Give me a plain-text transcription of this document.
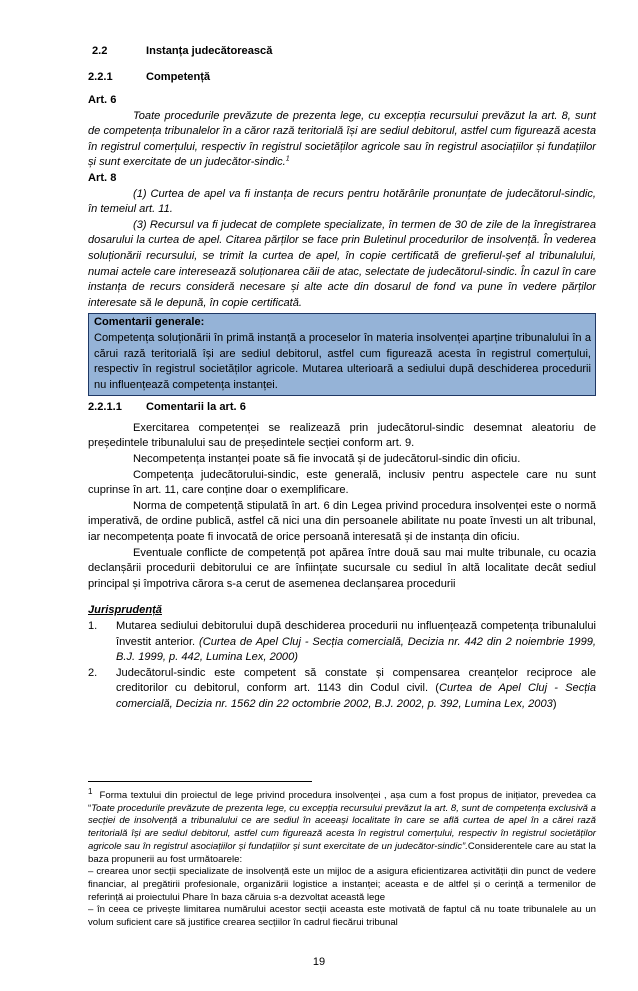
2.2	Instanța judecătorească
2.2.1	Competență
Art. 6

Toate procedurile prevăzute de prezenta lege, cu excepția recursului prevăzut la art. 8, sunt de competența tribunalelor în a căror rază teritorială își are sediul debitorul, astfel cum figurează acesta în registrul comerțului, respectiv în registrul societăților agricole sau în registrul asociațiilor și fundațiilor și sunt exercitate de un judecător-sindic.$^1$

Art. 8

(1) Curtea de apel va fi instanța de recurs pentru hotărârile pronunțate de judecătorul-sindic, în temeiul art. 11.

(3) Recursul va fi judecat de complete specializate, în termen de 30 de zile de la înregistrarea dosarului la curtea de apel. Citarea părților se face prin Buletinul procedurilor de insolvență. În vederea soluționării recursului, se trimit la curtea de apel, în copie certificată de grefierul-șef al tribunalului, numai actele care interesează soluționarea căii de atac, selectate de judecătorul-sindic. În cazul în care instanța de recurs consideră necesare și alte acte din dosarul de fond va pune în vedere părților interesate să le depună, în copie certificată.

Comentarii generale:

Competența soluționării în primă instanță a proceselor în materia insolvenței aparține tribunalului în a cărui rază teritorială își are sediul debitorul, astfel cum figurează acesta în registrul comerțului, respectiv în registrul societăților agricole. Mutarea ulterioară a sediului după deschiderea procedurii nu influențează competența instanței.

2.2.1.1	Comentarii la art. 6

Exercitarea competenței se realizează prin judecătorul-sindic desemnat aleatoriu de președintele tribunalului sau de președintele secției conform art. 9.

Necompetența instanței poate să fie invocată și de judecătorul-sindic din oficiu.

Competența judecătorului-sindic, este generală, inclusiv pentru aspectele care nu sunt cuprinse în art. 11, care conține doar o exemplificare.

Norma de competență stipulată în art. 6 din Legea privind procedura insolvenței este o normă imperativă, de ordine publică, astfel că nici una din persoanele abilitate nu poate învesti un alt tribunal, iar necompetența poate fi invocată de orice persoană interesată și de instanța din oficiu.

Eventuale conflicte de competență pot apărea între două sau mai multe tribunale, cu ocazia declanșării procedurii debitorului ce are înființate sucursale cu sediul în altă localitate decât sediul principal și împotriva cărora s-a cerut de asemenea declanșarea procedurii

Jurisprudență
1.	Mutarea sediului debitorului după deschiderea procedurii nu influențează competența tribunalului învestit anterior. (Curtea de Apel Cluj - Secția comercială, Decizia nr. 442 din 2 noiembrie 1999, B.J. 1999, p. 442, Lumina Lex, 2000)
2.	Judecătorul-sindic este competent să constate și compensarea creanțelor reciproce ale creditorilor cu debitorul, conform art. 1143 din Codul civil. (Curtea de Apel Cluj - Secția comercială, Decizia nr. 1562 din 22 octombrie 2002, B.J. 2002, p. 392, Lumina Lex, 2003)

$^1$ Forma textului din proiectul de lege privind procedura insolvenței , așa cum a fost propus de inițiator, prevedea ca “Toate procedurile prevăzute de prezenta lege, cu excepția recursului prevăzut la art. 8, sunt de competența exclusivă a secției de insolvență a tribunalului ce are sediul în aceeași localitate în care se află curtea de apel în a cărei rază teritorială își are sediul debitorul, astfel cum figurează acesta în registrul comerțului, respectiv în registrul societăților agricole sau în registrul asociațiilor și fundațiilor și sunt exercitate de un judecător-sindic”.Considerentele care au stat la baza propunerii au fost următoarele:

– crearea unor secții specializate de insolvență este un mijloc de a asigura eficientizarea activității din punct de vedere financiar, al pregătirii profesionale, organizării logistice a instanței; aceasta e de altfel și o cerință a termenilor de referință ai proiectului Phare în baza căruia s-a dezvoltat această lege

– în ceea ce privește limitarea numărului acestor secții aceasta este motivată de faptul că nu toate tribunalele au un volum suficient care să justifice crearea secțiilor în cadrul fiecărui tribunal

19
